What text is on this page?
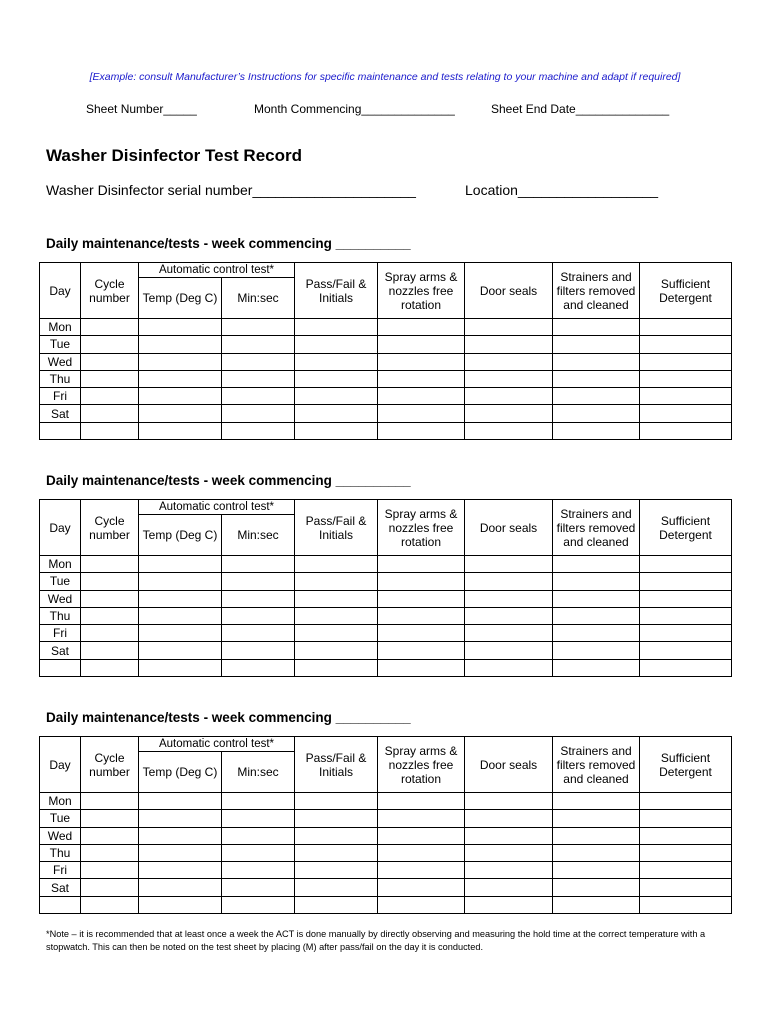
[Example: consult Manufacturer’s Instructions for specific maintenance and tests relating to your machine and adapt if required]
Sheet Number_____	Month Commencing______________	Sheet End Date______________
Washer Disinfector Test Record
Washer Disinfector serial number_____________________	Location__________________
Daily maintenance/tests - week commencing __________
Day	Cycle number	Automatic control test*		Pass/Fail & Initials	Spray arms & nozzles free rotation	Door seals	Strainers and filters removed and cleaned	Sufficient Detergent
		Temp (Deg C)	Min:sec					
Mon								
Tue								
Wed								
Thu								
Fri								
Sat								

Daily maintenance/tests - week commencing __________
Day	Cycle number	Automatic control test*		Pass/Fail & Initials	Spray arms & nozzles free rotation	Door seals	Strainers and filters removed and cleaned	Sufficient Detergent
		Temp (Deg C)	Min:sec					
Mon								
Tue								
Wed								
Thu								
Fri								
Sat								

Daily maintenance/tests - week commencing __________
Day	Cycle number	Automatic control test*		Pass/Fail & Initials	Spray arms & nozzles free rotation	Door seals	Strainers and filters removed and cleaned	Sufficient Detergent
		Temp (Deg C)	Min:sec					
Mon								
Tue								
Wed								
Thu								
Fri								
Sat								

*Note – it is recommended that at least once a week the ACT is done manually by directly observing and measuring the hold time at the correct temperature with a stopwatch. This can then be noted on the test sheet by placing (M) after pass/fail on the day it is conducted.
